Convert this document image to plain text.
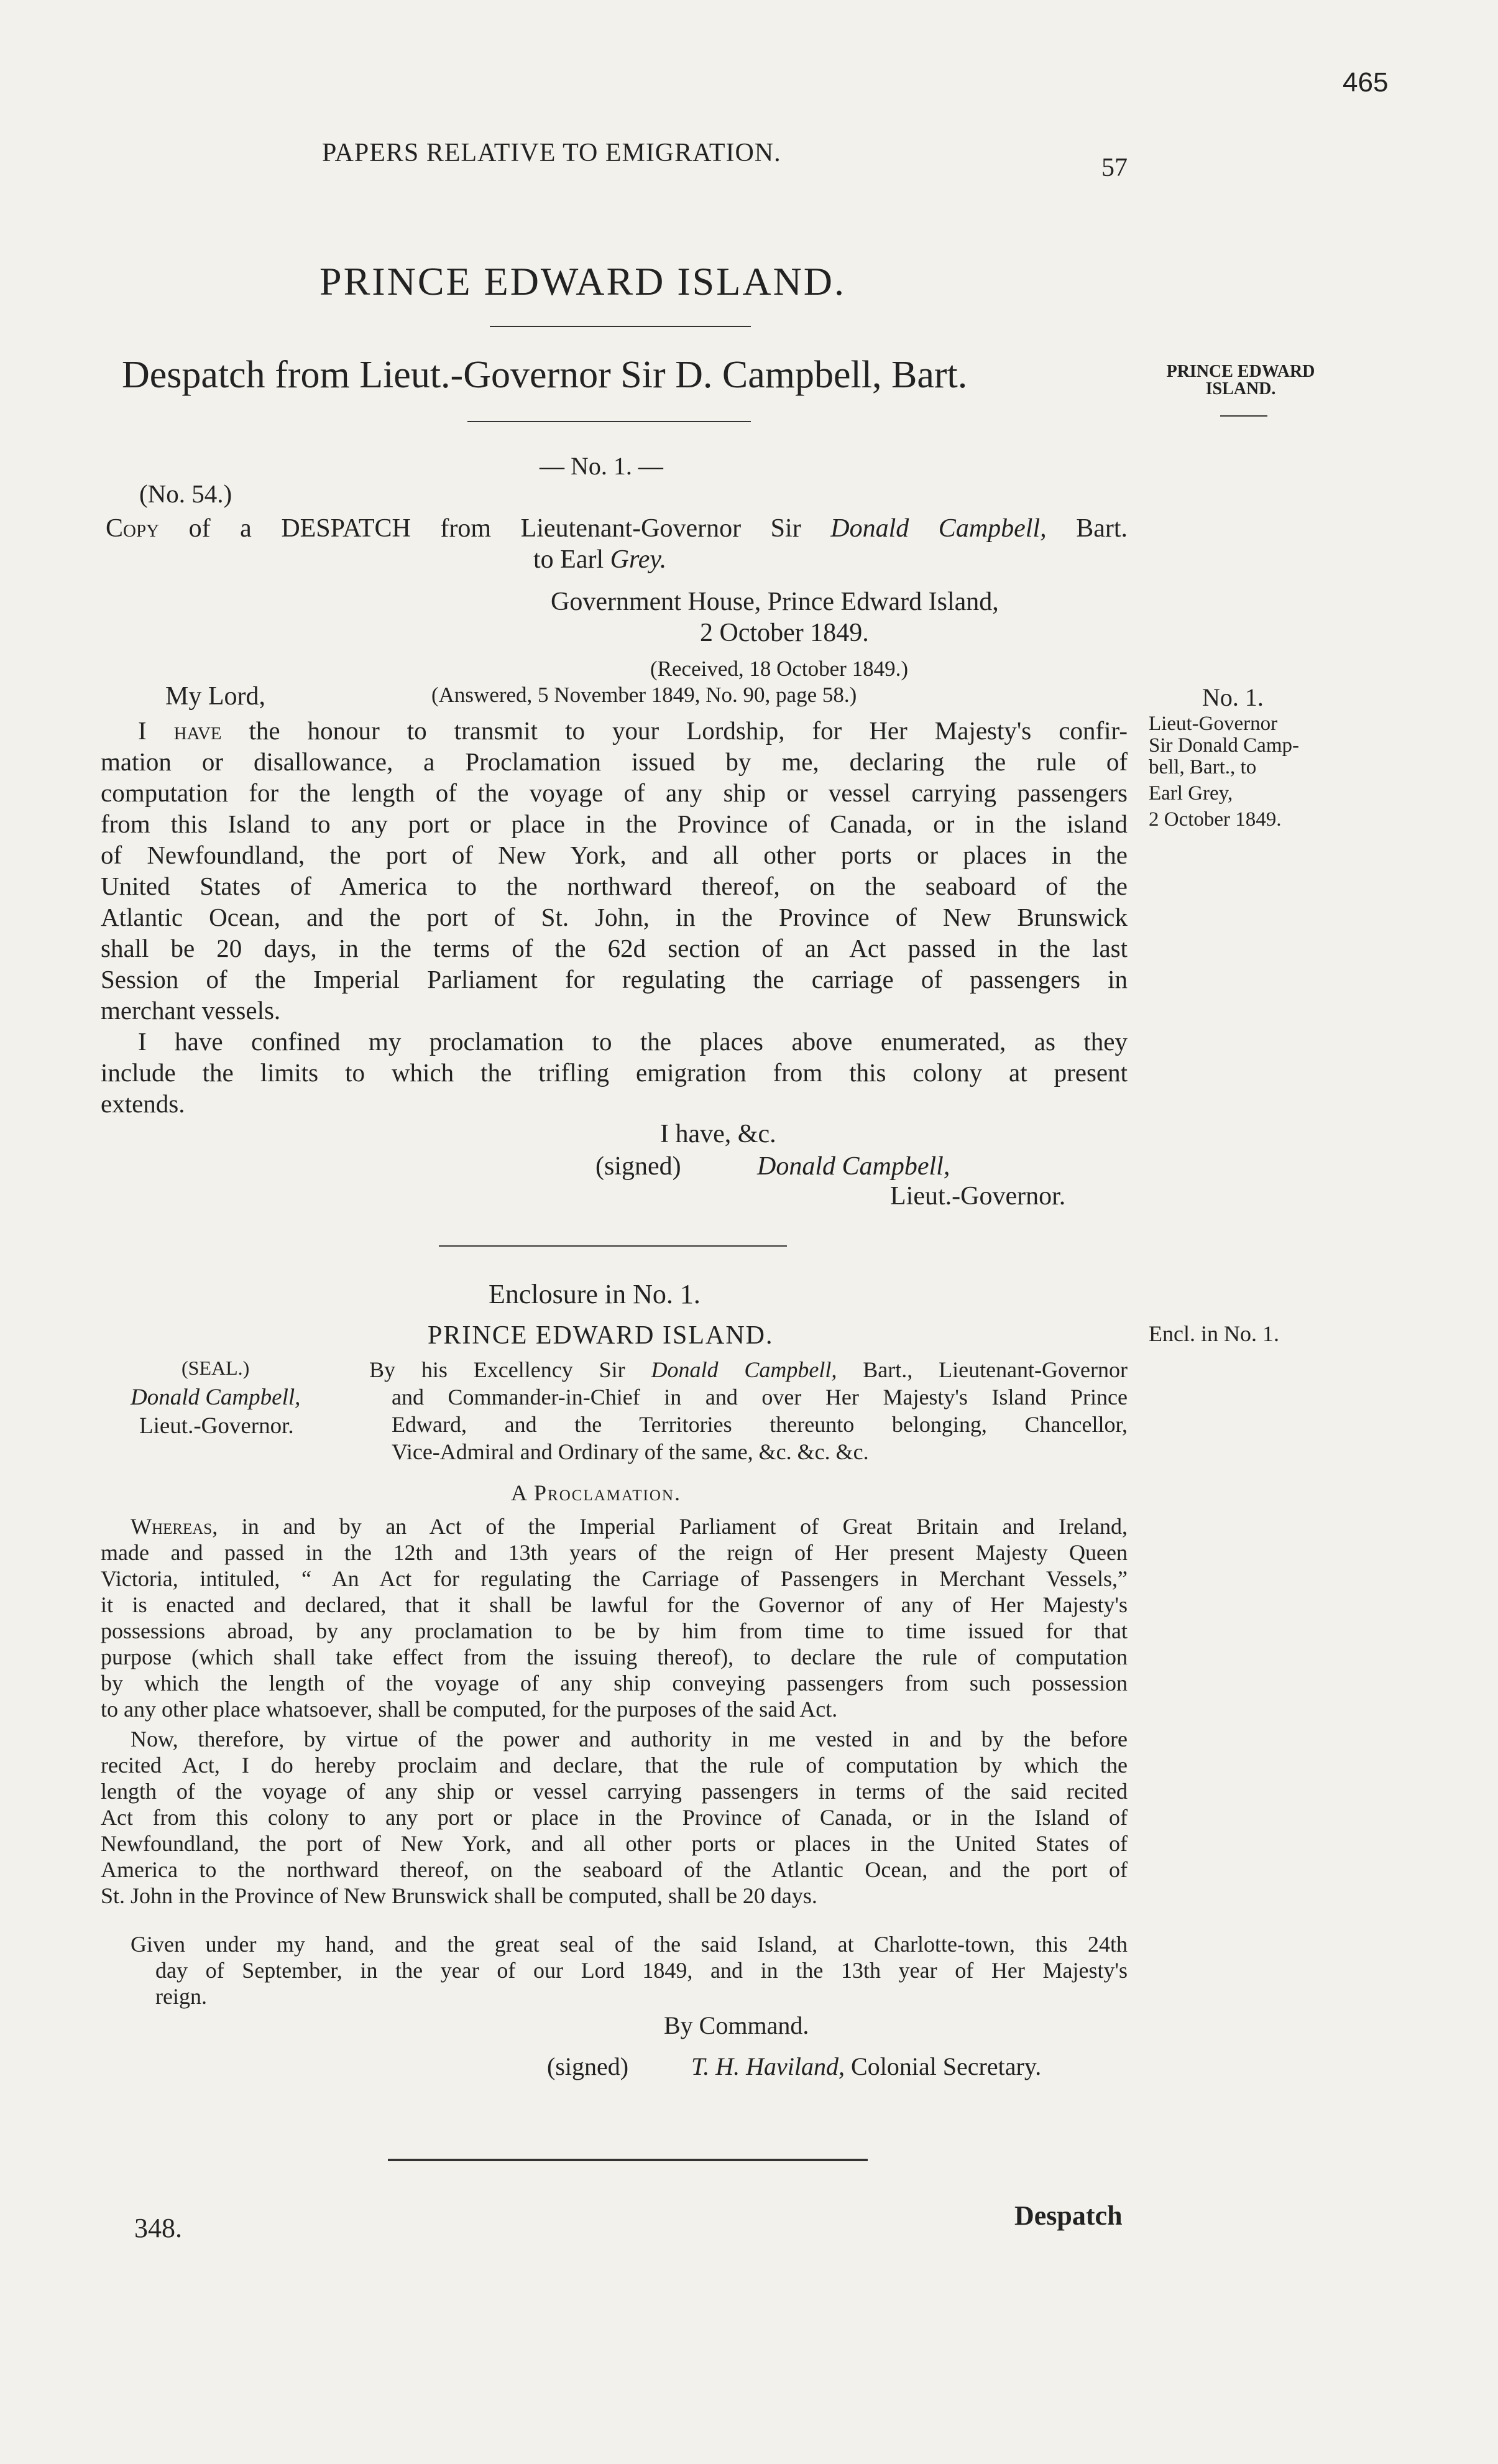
465
PAPERS RELATIVE TO EMIGRATION.
57
PRINCE EDWARD ISLAND.
Despatch from Lieut.-Governor Sir D. Campbell, Bart.	PRINCE EDWARD
ISLAND.
— No. 1. —
(No. 54.)
Copy of a DESPATCH from Lieutenant-Governor Sir Donald Campbell, Bart.
to Earl Grey.
Government House, Prince Edward Island,
2 October 1849.
(Received, 18 October 1849.)
My Lord,	(Answered, 5 November 1849, No. 90, page 58.)
I have the honour to transmit to your Lordship, for Her Majesty's confir-
mation or disallowance, a Proclamation issued by me, declaring the rule of
computation for the length of the voyage of any ship or vessel carrying passengers
from this Island to any port or place in the Province of Canada, or in the island
of Newfoundland, the port of New York, and all other ports or places in the
United States of America to the northward thereof, on the seaboard of the
Atlantic Ocean, and the port of St. John, in the Province of New Brunswick
shall be 20 days, in the terms of the 62d section of an Act passed in the last
Session of the Imperial Parliament for regulating the carriage of passengers in
merchant vessels.
I have confined my proclamation to the places above enumerated, as they
include the limits to which the trifling emigration from this colony at present
extends.
I have, &c.
(signed)	Donald Campbell,
Lieut.-Governor.
No. 1.
Lieut-Governor
Sir Donald Camp-
bell, Bart., to
Earl Grey,
2 October 1849.
Enclosure in No. 1.
PRINCE EDWARD ISLAND.	Encl. in No. 1.
(SEAL.)
Donald Campbell,
Lieut.-Governor.
By his Excellency Sir Donald Campbell, Bart., Lieutenant-Governor
and Commander-in-Chief in and over Her Majesty's Island Prince
Edward, and the Territories thereunto belonging, Chancellor,
Vice-Admiral and Ordinary of the same, &c. &c. &c.
A Proclamation.
Whereas, in and by an Act of the Imperial Parliament of Great Britain and Ireland,
made and passed in the 12th and 13th years of the reign of Her present Majesty Queen
Victoria, intituled, “ An Act for regulating the Carriage of Passengers in Merchant Vessels,”
it is enacted and declared, that it shall be lawful for the Governor of any of Her Majesty's
possessions abroad, by any proclamation to be by him from time to time issued for that
purpose (which shall take effect from the issuing thereof), to declare the rule of computation
by which the length of the voyage of any ship conveying passengers from such possession
to any other place whatsoever, shall be computed, for the purposes of the said Act.
Now, therefore, by virtue of the power and authority in me vested in and by the before
recited Act, I do hereby proclaim and declare, that the rule of computation by which the
length of the voyage of any ship or vessel carrying passengers in terms of the said recited
Act from this colony to any port or place in the Province of Canada, or in the Island of
Newfoundland, the port of New York, and all other ports or places in the United States of
America to the northward thereof, on the seaboard of the Atlantic Ocean, and the port of
St. John in the Province of New Brunswick shall be computed, shall be 20 days.
Given under my hand, and the great seal of the said Island, at Charlotte-town, this 24th
day of September, in the year of our Lord 1849, and in the 13th year of Her Majesty's
reign.
By Command.
(signed)	T. H. Haviland, Colonial Secretary.
348.	Despatch
